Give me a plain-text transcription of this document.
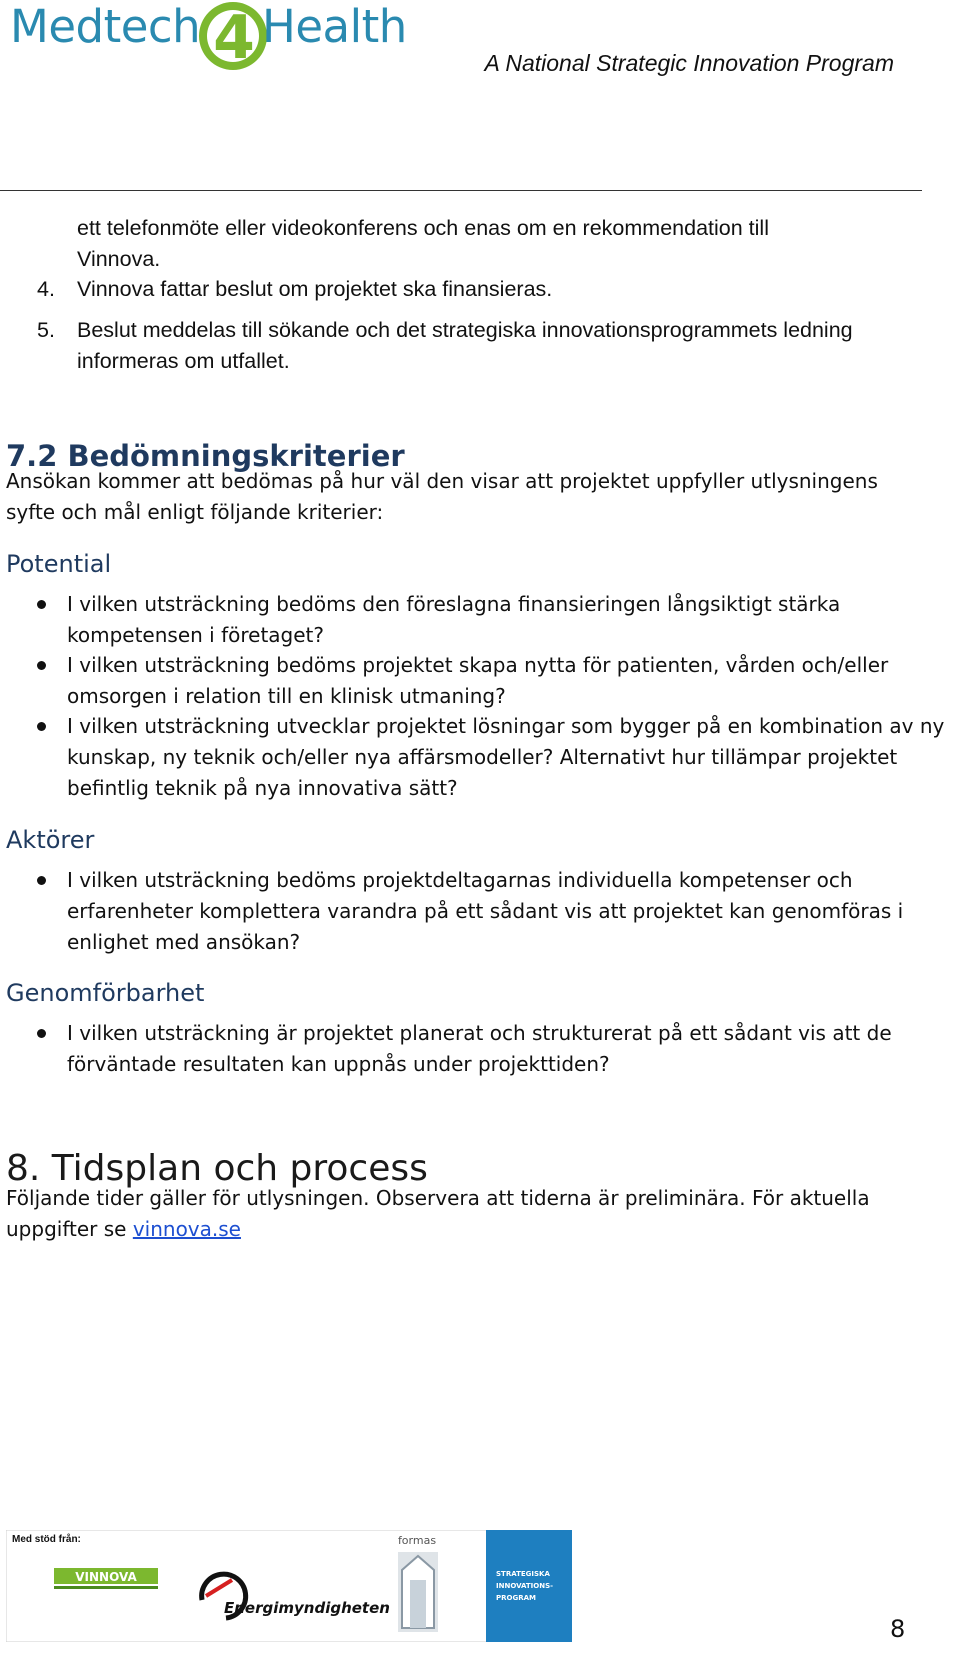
Medtech 4 Health
A National Strategic Innovation Program
ett telefonmöte eller videokonferens och enas om en rekommendation till
Vinnova.
4. Vinnova fattar beslut om projektet ska finansieras.
5. Beslut meddelas till sökande och det strategiska innovationsprogrammets ledning informeras om utfallet.
7.2 Bedömningskriterier
Ansökan kommer att bedömas på hur väl den visar att projektet uppfyller utlysningens syfte och mål enligt följande kriterier:
Potential
I vilken utsträckning bedöms den föreslagna finansieringen långsiktigt stärka kompetensen i företaget?
I vilken utsträckning bedöms projektet skapa nytta för patienten, vården och/eller omsorgen i relation till en klinisk utmaning?
I vilken utsträckning utvecklar projektet lösningar som bygger på en kombination av ny kunskap, ny teknik och/eller nya affärsmodeller? Alternativt hur tillämpar projektet befintlig teknik på nya innovativa sätt?
Aktörer
I vilken utsträckning bedöms projektdeltagarnas individuella kompetenser och erfarenheter komplettera varandra på ett sådant vis att projektet kan genomföras i enlighet med ansökan?
Genomförbarhet
I vilken utsträckning är projektet planerat och strukturerat på ett sådant vis att de förväntade resultaten kan uppnås under projekttiden?
8. Tidsplan och process
Följande tider gäller för utlysningen. Observera att tiderna är preliminära. För aktuella uppgifter se vinnova.se
Med stöd från:
VINNOVA
Energimyndigheten
formas
STRATEGISKA
INNOVATIONS-
PROGRAM
8
